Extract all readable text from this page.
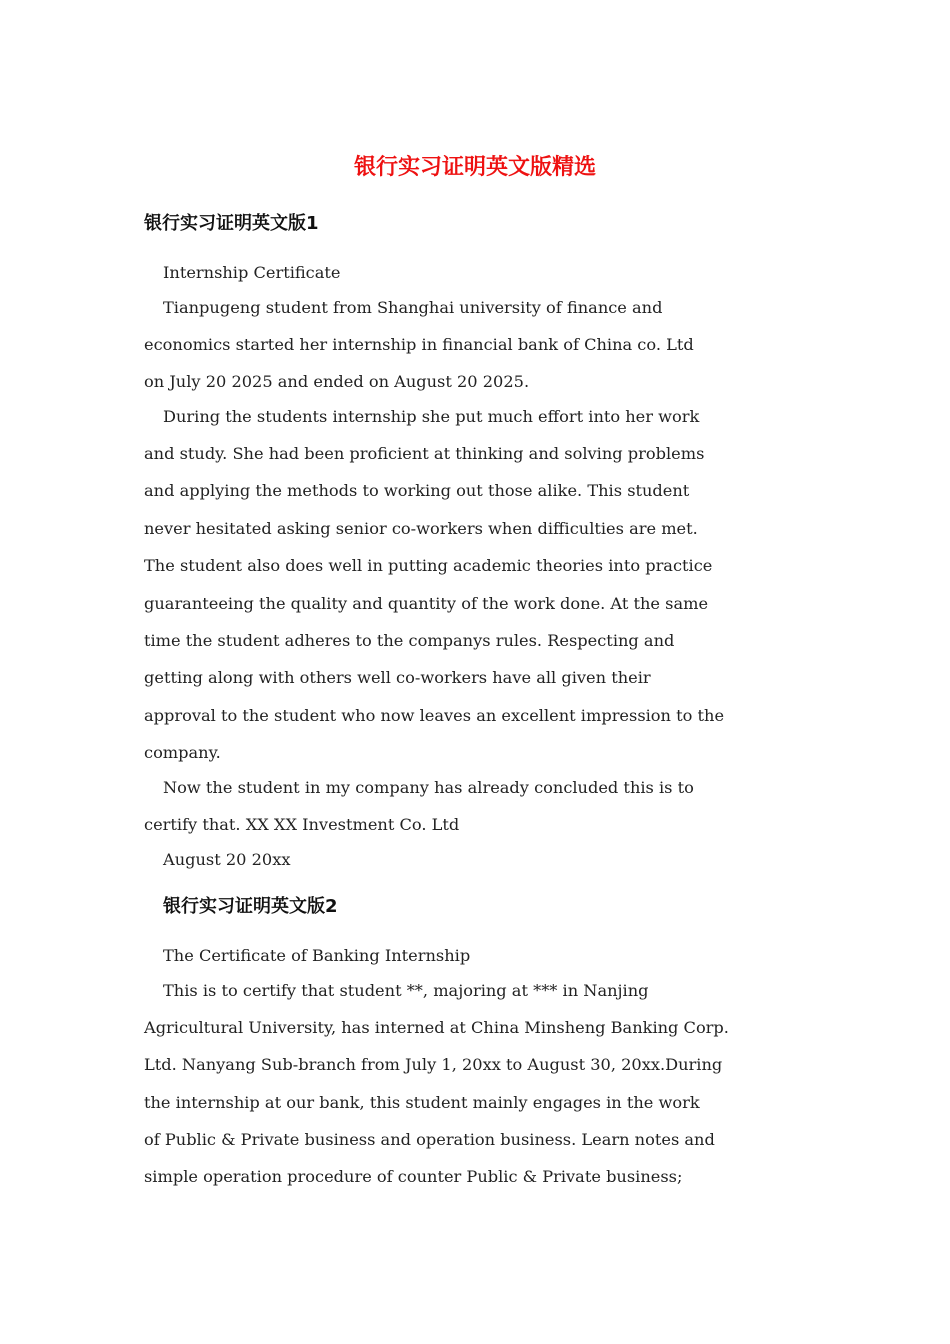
银行实习证明英文版精选
银行实习证明英文版1
Internship Certificate
Tianpugeng student from Shanghai university of finance and
economics started her internship in financial bank of China co. Ltd
on July 20 2025 and ended on August 20 2025.
During the students internship she put much effort into her work
and study. She had been proficient at thinking and solving problems
and applying the methods to working out those alike. This student
never hesitated asking senior co-workers when difficulties are met.
The student also does well in putting academic theories into practice
guaranteeing the quality and quantity of the work done. At the same
time the student adheres to the companys rules. Respecting and
getting along with others well co-workers have all given their
approval to the student who now leaves an excellent impression to the
company.
Now the student in my company has already concluded this is to
certify that. XX XX Investment Co. Ltd
August 20 20xx
银行实习证明英文版2
The Certificate of Banking Internship
This is to certify that student **, majoring at *** in Nanjing
Agricultural University, has interned at China Minsheng Banking Corp.
Ltd. Nanyang Sub-branch from July 1, 20xx to August 30, 20xx.During
the internship at our bank, this student mainly engages in the work
of Public & Private business and operation business. Learn notes and
simple operation procedure of counter Public & Private business;
